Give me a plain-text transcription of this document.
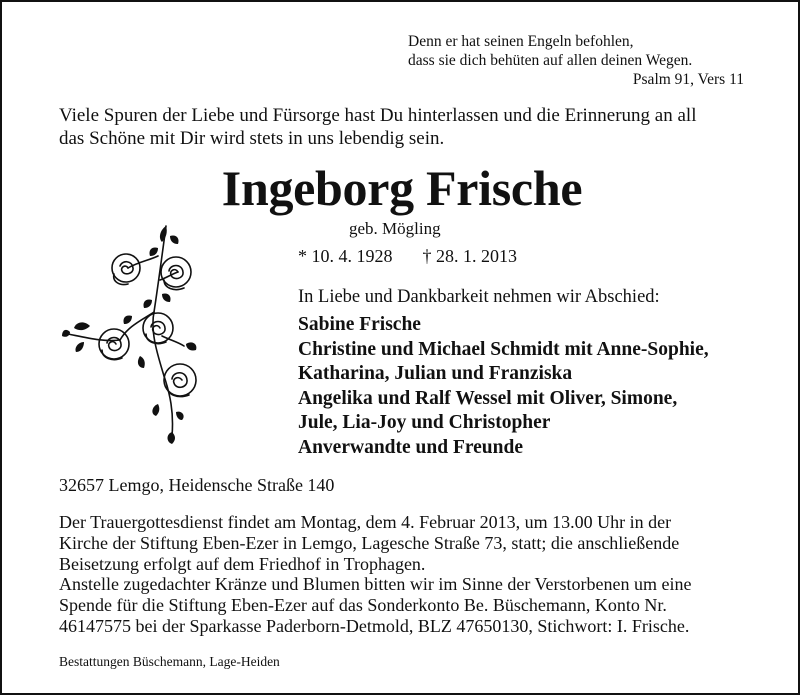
Denn er hat seinen Engeln befohlen,
dass sie dich behüten auf allen deinen Wegen.
Psalm 91, Vers 11
Viele Spuren der Liebe und Fürsorge hast Du hinterlassen und die Erinnerung an all
das Schöne mit Dir wird stets in uns lebendig sein.
Ingeborg Frische
geb. Mögling
* 10. 4. 1928 † 28. 1. 2013
In Liebe und Dankbarkeit nehmen wir Abschied:
Sabine Frische
Christine und Michael Schmidt mit Anne-Sophie,
Katharina, Julian und Franziska
Angelika und Ralf Wessel mit Oliver, Simone,
Jule, Lia-Joy und Christopher
Anverwandte und Freunde
32657 Lemgo, Heidensche Straße 140
Der Trauergottesdienst findet am Montag, dem 4. Februar 2013, um 13.00 Uhr in der
Kirche der Stiftung Eben-Ezer in Lemgo, Lagesche Straße 73, statt; die anschließende
Beisetzung erfolgt auf dem Friedhof in Trophagen.
Anstelle zugedachter Kränze und Blumen bitten wir im Sinne der Verstorbenen um eine
Spende für die Stiftung Eben-Ezer auf das Sonderkonto Be. Büschemann, Konto Nr.
46147575 bei der Sparkasse Paderborn-Detmold, BLZ 47650130, Stichwort: I. Frische.
Bestattungen Büschemann, Lage-Heiden
